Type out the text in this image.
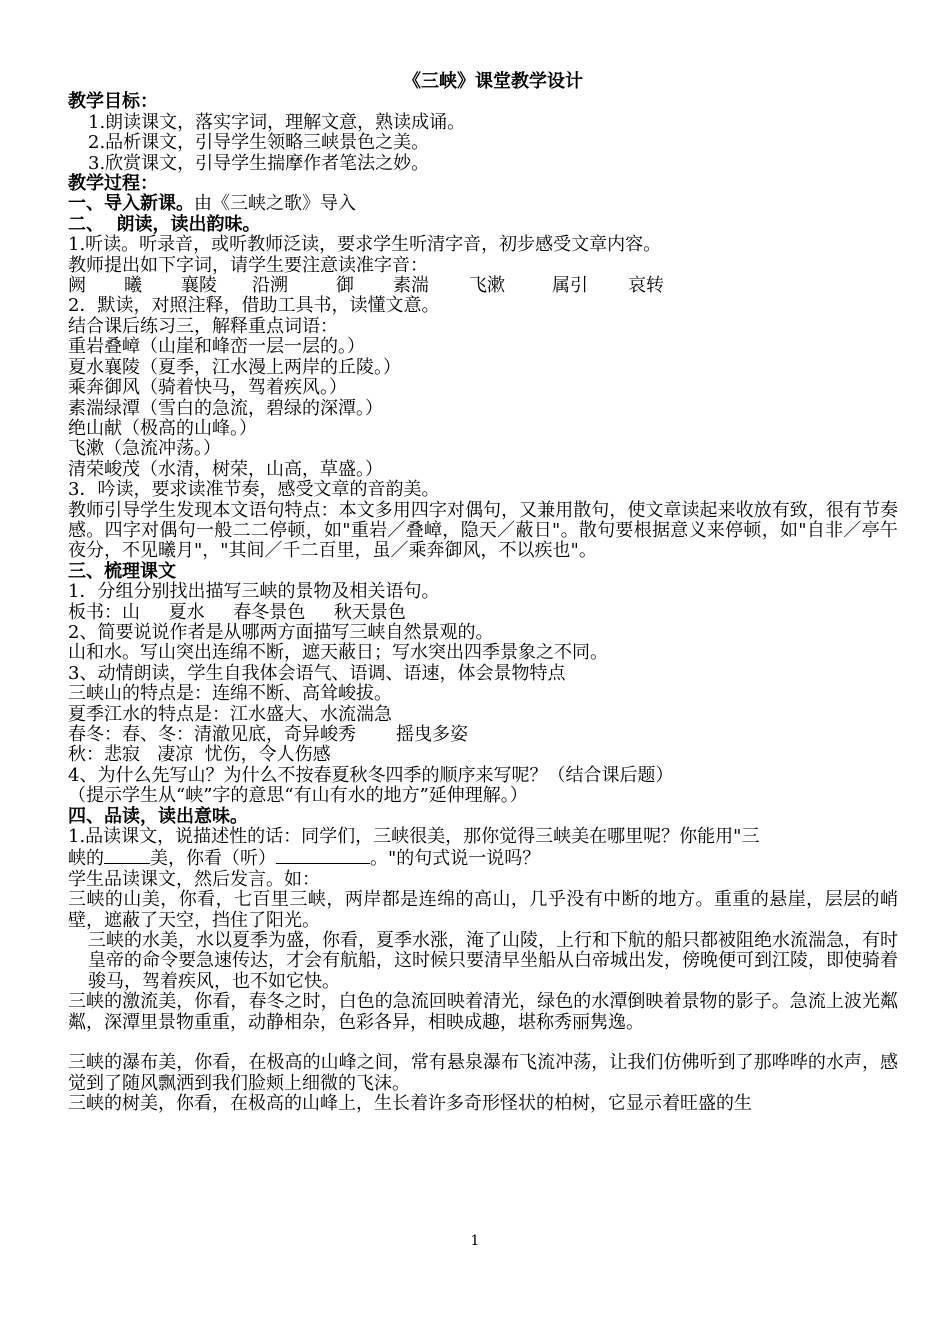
《三峡》课堂教学设计
教学目标：
1.朗读课文，落实字词，理解文意，熟读成诵。
2.品析课文，引导学生领略三峡景色之美。
3.欣赏课文，引导学生揣摩作者笔法之妙。
教学过程：
一、导入新课。由《三峡之歌》导入
二、  朗读，读出韵味。
1.听读。听录音，或听教师泛读，要求学生听清字音，初步感受文章内容。
教师提出如下字词，请学生要注意读准字音：
阙 曦 襄陵 沿溯	御 素湍 飞漱	属引 哀转
2．默读，对照注释，借助工具书，读懂文意。
结合课后练习三，解释重点词语：
重岩叠嶂（山崖和峰峦一层一层的。）
夏水襄陵（夏季，江水漫上两岸的丘陵。）
乘奔御风（骑着快马，驾着疾风。）
素湍绿潭（雪白的急流，碧绿的深潭。）
绝山献（极高的山峰。）
飞漱（急流冲荡。）
清荣峻茂（水清，树荣，山高，草盛。）
3．吟读，要求读准节奏，感受文章的音韵美。
教师引导学生发现本文语句特点：本文多用四字对偶句，又兼用散句，使文章读起来收放有致，很有节奏感。四字对偶句一般二二停顿，如"重岩／叠嶂，隐天／蔽日"。散句要根据意义来停顿，如"自非／亭午夜分，不见曦月"，"其间／千二百里，虽／乘奔御风，不以疾也"。
三、梳理课文
1．分组分别找出描写三峡的景物及相关语句。
板书：山     夏水     春冬景色     秋天景色
2、简要说说作者是从哪两方面描写三峡自然景观的。
山和水。写山突出连绵不断，遮天蔽日；写水突出四季景象之不同。
3、动情朗读，学生自我体会语气、语调、语速，体会景物特点
三峡山的特点是：连绵不断、高耸峻拔。
夏季江水的特点是：江水盛大、水流湍急
春冬：春、冬：清澈见底，奇异峻秀       摇曳多姿
秋：悲寂   凄凉  忧伤，令人伤感
4、为什么先写山？为什么不按春夏秋冬四季的顺序来写呢？（结合课后题）
（提示学生从“峡”字的意思“有山有水的地方”延伸理解。）
四、品读，读出意味。
1.品读课文，说描述性的话：同学们，三峡很美，那你觉得三峡美在哪里呢？你能用"三
峡的	美，你看（听）	。"的句式说一说吗？
学生品读课文，然后发言。如：
三峡的山美，你看，七百里三峡，两岸都是连绵的高山，几乎没有中断的地方。重重的悬崖，层层的峭壁，遮蔽了天空，挡住了阳光。
三峡的水美，水以夏季为盛，你看，夏季水涨，淹了山陵，上行和下航的船只都被阻绝水流湍急，有时皇帝的命令要急速传达，才会有航船，这时候只要清早坐船从白帝城出发，傍晚便可到江陵，即使骑着骏马，驾着疾风，也不如它快。
三峡的激流美，你看，春冬之时，白色的急流回映着清光，绿色的水潭倒映着景物的影子。急流上波光粼粼，深潭里景物重重，动静相杂，色彩各异，相映成趣，堪称秀丽隽逸。
三峡的瀑布美，你看，在极高的山峰之间，常有悬泉瀑布飞流冲荡，让我们仿佛听到了那哗哗的水声，感觉到了随风飘洒到我们脸颊上细微的飞沫。
三峡的树美，你看，在极高的山峰上，生长着许多奇形怪状的柏树，它显示着旺盛的生
1
